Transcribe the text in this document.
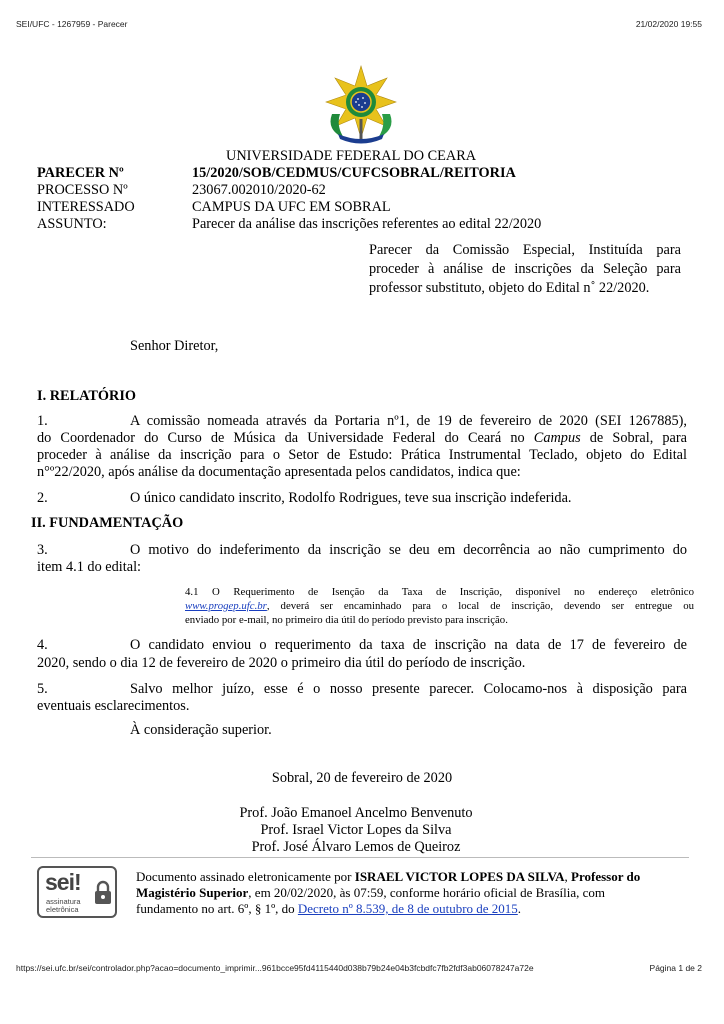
SEI/UFC - 1267959 - Parecer	21/02/2020 19:55
UNIVERSIDADE FEDERAL DO CEARA
PARECER Nº	15/2020/SOB/CEDMUS/CUFCSOBRAL/REITORIA
PROCESSO Nº	23067.002010/2020-62
INTERESSADO	CAMPUS DA UFC EM SOBRAL
ASSUNTO:	Parecer da análise das inscrições referentes ao edital 22/2020
Parecer da Comissão Especial, Instituída para
proceder à análise de inscrições da Seleção para
professor substituto, objeto do Edital n˚ 22/2020.
Senhor Diretor,
I. RELATÓRIO
1.	A comissão nomeada através da Portaria nº1, de 19 de fevereiro de 2020 (SEI 1267885),
do Coordenador do Curso de Música da Universidade Federal do Ceará no Campus de Sobral, para
proceder à análise da inscrição para o Setor de Estudo: Prática Instrumental Teclado, objeto do Edital
n°º22/2020, após análise da documentação apresentada pelos candidatos, indica que:
2.	O único candidato inscrito, Rodolfo Rodrigues, teve sua inscrição indeferida.
II. FUNDAMENTAÇÃO
3.	O motivo do indeferimento da inscrição se deu em decorrência ao não cumprimento do
item 4.1 do edital:
4.1 O Requerimento de Isenção da Taxa de Inscrição, disponível no endereço eletrônico
www.progep.ufc.br, deverá ser encaminhado para o local de inscrição, devendo ser entregue ou
enviado por e-mail, no primeiro dia útil do período previsto para inscrição.
4.	O candidato enviou o requerimento da taxa de inscrição na data de 17 de fevereiro de
2020, sendo o dia 12 de fevereiro de 2020 o primeiro dia útil do período de inscrição.
5.	Salvo melhor juízo, esse é o nosso presente parecer. Colocamo-nos à disposição para
eventuais esclarecimentos.
À consideração superior.
Sobral, 20 de fevereiro de 2020
Prof. João Emanoel Ancelmo Benvenuto
Prof. Israel Victor Lopes da Silva
Prof. José Álvaro Lemos de Queiroz
sei!
assinatura
eletrônica
Documento assinado eletronicamente por ISRAEL VICTOR LOPES DA SILVA, Professor do
Magistério Superior, em 20/02/2020, às 07:59, conforme horário oficial de Brasília, com
fundamento no art. 6º, § 1º, do Decreto nº 8.539, de 8 de outubro de 2015.
https://sei.ufc.br/sei/controlador.php?acao=documento_imprimir...961bcce95fd4115440d038b79b24e04b3fcbdfc7fb2fdf3ab06078247a72e	Página 1 de 2
